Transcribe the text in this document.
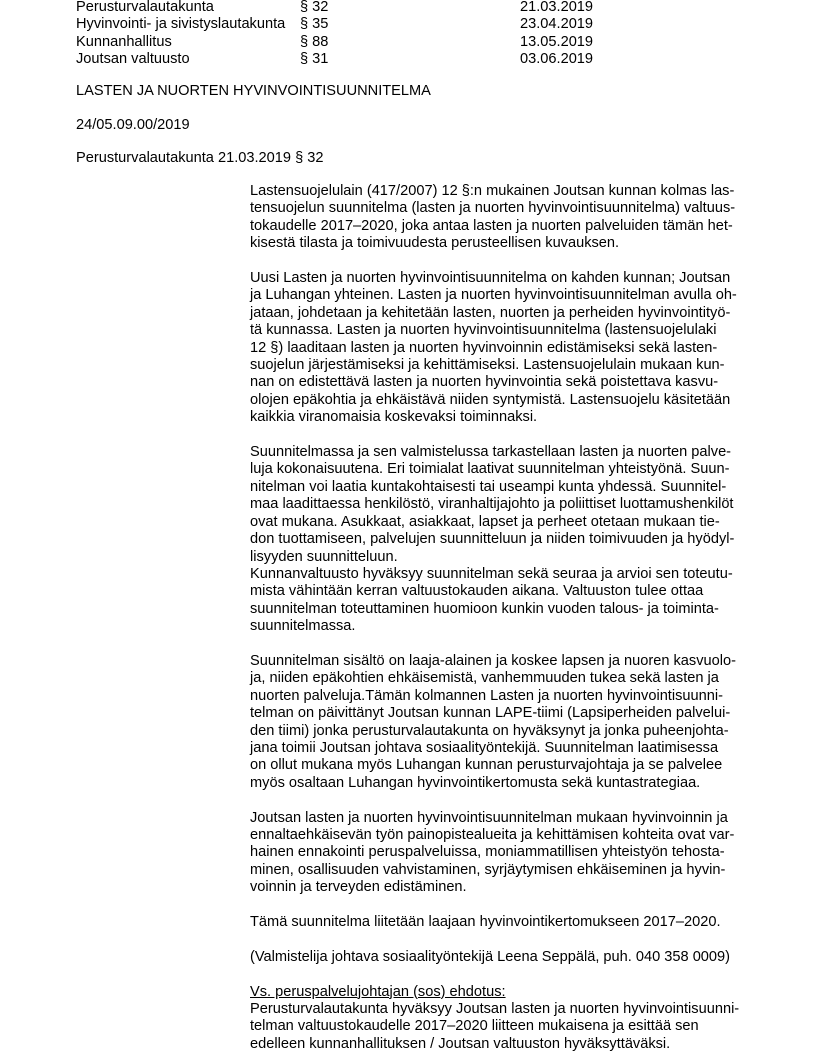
Perusturvalautakunta	§ 32	21.03.2019
Hyvinvointi- ja sivistyslautakunta § 35	23.04.2019
Kunnanhallitus	§ 88	13.05.2019
Joutsan valtuusto	§ 31	03.06.2019
LASTEN JA NUORTEN HYVINVOINTISUUNNITELMA
24/05.09.00/2019
Perusturvalautakunta 21.03.2019 § 32

Lastensuojelulain (417/2007) 12 §:n mukainen Joutsan kunnan kolmas las-
tensuojelun suunnitelma (lasten ja nuorten hyvinvointisuunnitelma) valtuus-
tokaudelle 2017–2020, joka antaa lasten ja nuorten palveluiden tämän het-
kisestä tilasta ja toimivuudesta perusteellisen kuvauksen.

Uusi Lasten ja nuorten hyvinvointisuunnitelma on kahden kunnan; Joutsan
ja Luhangan yhteinen. Lasten ja nuorten hyvinvointisuunnitelman avulla oh-
jataan, johdetaan ja kehitetään lasten, nuorten ja perheiden hyvinvointityö-
tä kunnassa. Lasten ja nuorten hyvinvointisuunnitelma (lastensuojelulaki
12 §) laaditaan lasten ja nuorten hyvinvoinnin edistämiseksi sekä lasten-
suojelun järjestämiseksi ja kehittämiseksi. Lastensuojelulain mukaan kun-
nan on edistettävä lasten ja nuorten hyvinvointia sekä poistettava kasvu-
olojen epäkohtia ja ehkäistävä niiden syntymistä. Lastensuojelu käsitetään
kaikkia viranomaisia koskevaksi toiminnaksi.

Suunnitelmassa ja sen valmistelussa tarkastellaan lasten ja nuorten palve-
luja kokonaisuutena. Eri toimialat laativat suunnitelman yhteistyönä. Suun-
nitelman voi laatia kuntakohtaisesti tai useampi kunta yhdessä. Suunnitel-
maa laadittaessa henkilöstö, viranhaltijajohto ja poliittiset luottamushenkilöt
ovat mukana. Asukkaat, asiakkaat, lapset ja perheet otetaan mukaan tie-
don tuottamiseen, palvelujen suunnitteluun ja niiden toimivuuden ja hyödyl-
lisyyden suunnitteluun.
Kunnanvaltuusto hyväksyy suunnitelman sekä seuraa ja arvioi sen toteutu-
mista vähintään kerran valtuustokauden aikana. Valtuuston tulee ottaa
suunnitelman toteuttaminen huomioon kunkin vuoden talous- ja toiminta-
suunnitelmassa.

Suunnitelman sisältö on laaja-alainen ja koskee lapsen ja nuoren kasvuolo-
ja, niiden epäkohtien ehkäisemistä, vanhemmuuden tukea sekä lasten ja
nuorten palveluja.Tämän kolmannen Lasten ja nuorten hyvinvointisuunni-
telman on päivittänyt Joutsan kunnan LAPE-tiimi (Lapsiperheiden palvelui-
den tiimi) jonka perusturvalautakunta on hyväksynyt ja jonka puheenjohta-
jana toimii Joutsan johtava sosiaalityöntekijä. Suunnitelman laatimisessa
on ollut mukana myös Luhangan kunnan perusturvajohtaja ja se palvelee
myös osaltaan Luhangan hyvinvointikertomusta sekä kuntastrategiaa.

Joutsan lasten ja nuorten hyvinvointisuunnitelman mukaan hyvinvoinnin ja
ennaltaehkäisevän työn painopistealueita ja kehittämisen kohteita ovat var-
hainen ennakointi peruspalveluissa, moniammatillisen yhteistyön tehosta-
minen, osallisuuden vahvistaminen, syrjäytymisen ehkäiseminen ja hyvin-
voinnin ja terveyden edistäminen.

Tämä suunnitelma liitetään laajaan hyvinvointikertomukseen 2017–2020.

(Valmistelija johtava sosiaalityöntekijä Leena Seppälä, puh. 040 358 0009)

Vs. peruspalvelujohtajan (sos) ehdotus:
Perusturvalautakunta hyväksyy Joutsan lasten ja nuorten hyvinvointisuunni-
telman valtuustokaudelle 2017–2020 liitteen mukaisena ja esittää sen
edelleen kunnanhallituksen / Joutsan valtuuston hyväksyttäväksi.
